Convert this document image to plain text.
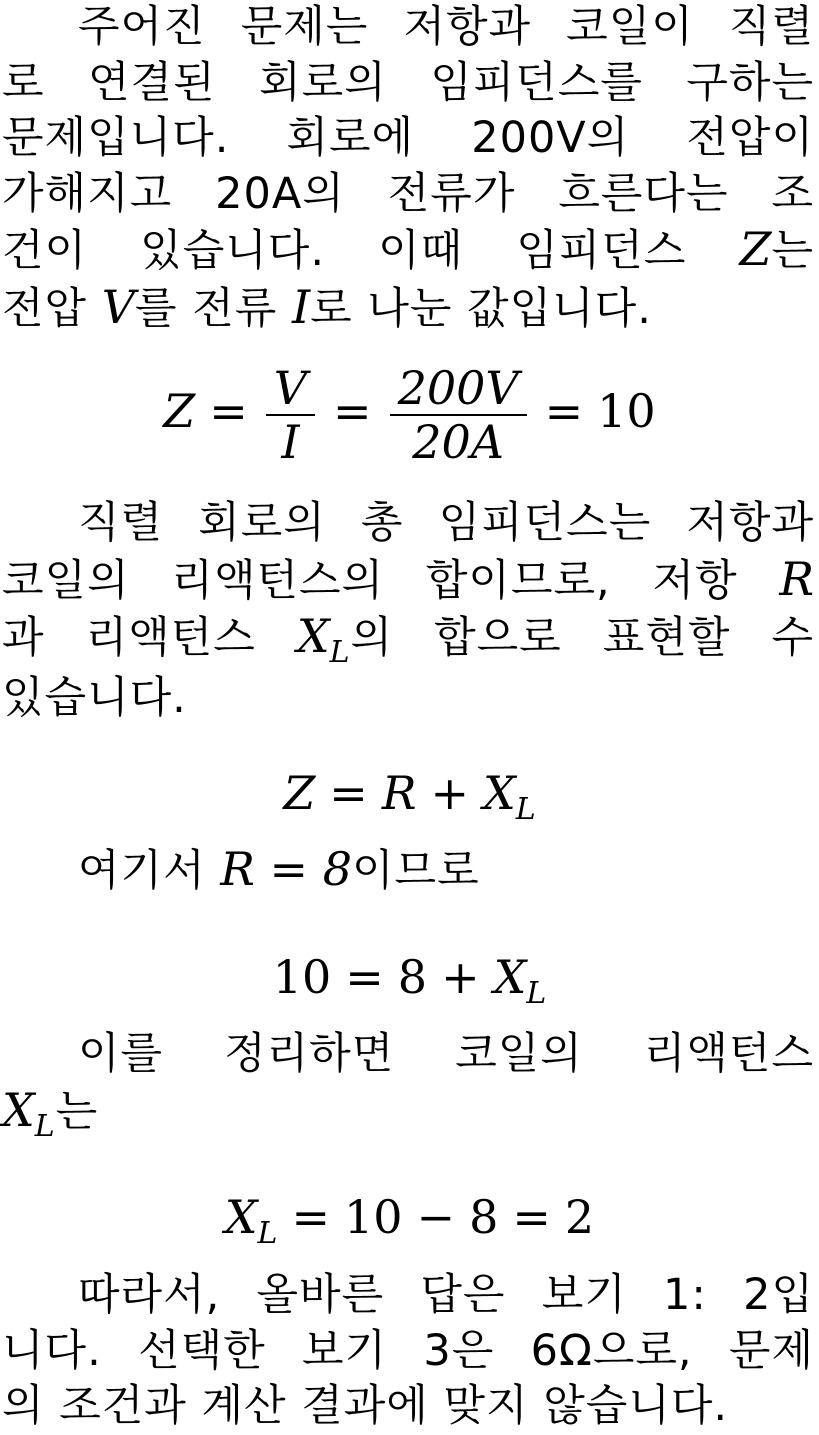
주어진 문제는 저항과 코일이 직렬
로 연결된 회로의 임피던스를 구하는
문제입니다. 회로에 200V의 전압이
가해지고 20A의 전류가 흐른다는 조
건이 있습니다. 이때 임피던스 Z는
전압 V를 전류 I로 나눈 값입니다.
$Z = \frac{V}{I} = \frac{200V}{20A} = 10$
직렬 회로의 총 임피던스는 저항과
코일의 리액턴스의 합이므로, 저항 R
과 리액턴스 $X_L$의 합으로 표현할 수
있습니다.
$Z = R + X_L$
여기서 R = 8이므로
$10 = 8 + X_L$
이를 정리하면 코일의 리액턴스
$X_L$는
$X_L = 10 - 8 = 2$
따라서, 올바른 답은 보기 1: 2입
니다. 선택한 보기 3은 6Ω으로, 문제
의 조건과 계산 결과에 맞지 않습니다.
